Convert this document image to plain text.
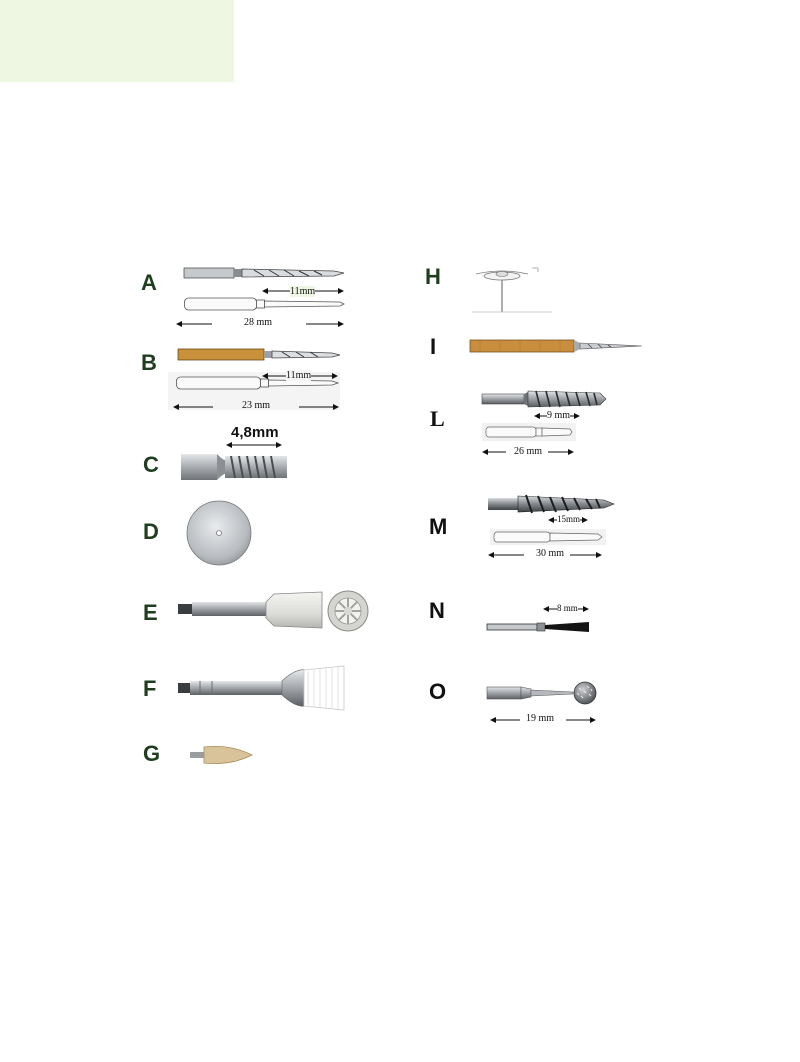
A	11mm
28 mm
B
11mm
23 mm
C
4,8mm
D
E
F
G
H
I
L	9 mm
26 mm
M	15mm
30 mm
N	8 mm
O
19 mm
